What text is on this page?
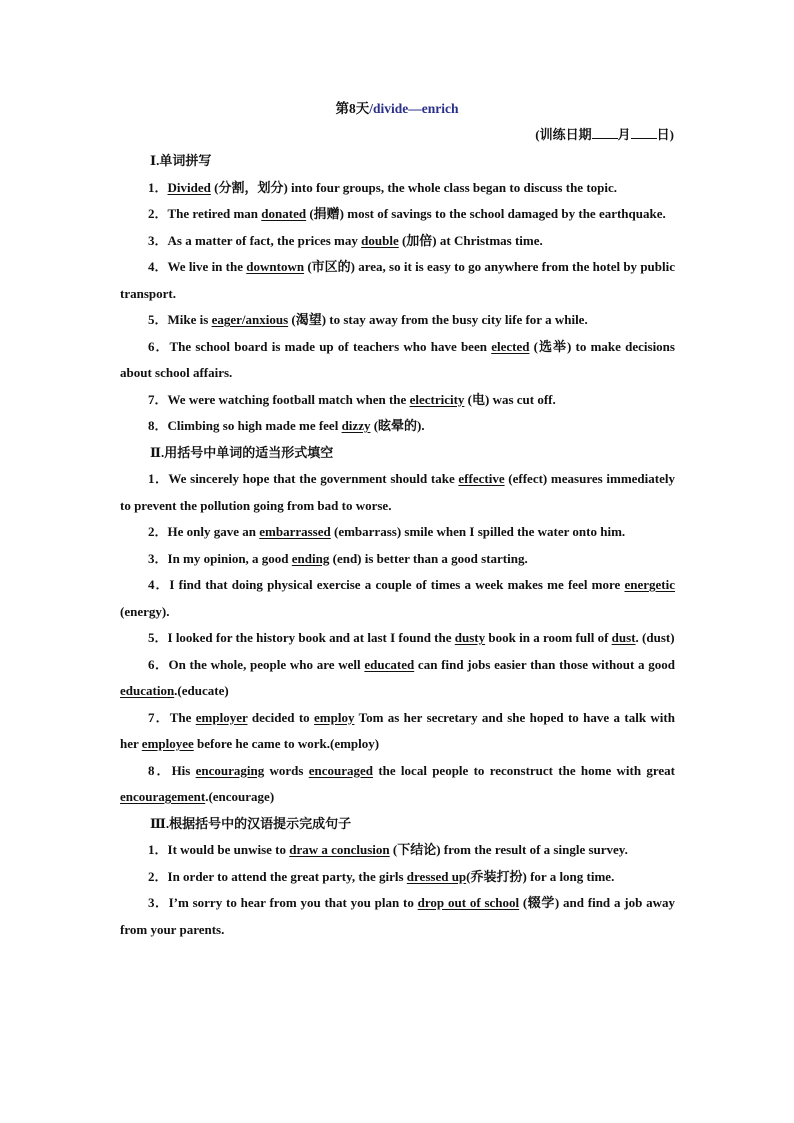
第8天/divide—enrich
(训练日期 月 日)
Ⅰ.单词拼写
1．Divided (分割，划分) into four groups, the whole class began to discuss the topic.
2．The retired man donated (捐赠) most of savings to the school damaged by the earthquake.
3．As a matter of fact, the prices may double (加倍) at Christmas time.
4．We live in the downtown (市区的) area, so it is easy to go anywhere from the hotel by public transport.
5．Mike is eager/anxious (渴望) to stay away from the busy city life for a while.
6．The school board is made up of teachers who have been elected (选举) to make decisions about school affairs.
7．We were watching football match when the electricity (电) was cut off.
8．Climbing so high made me feel dizzy (眩晕的).
Ⅱ.用括号中单词的适当形式填空
1．We sincerely hope that the government should take effective (effect) measures immediately to prevent the pollution going from bad to worse.
2．He only gave an embarrassed (embarrass) smile when I spilled the water onto him.
3．In my opinion, a good ending (end) is better than a good starting.
4．I find that doing physical exercise a couple of times a week makes me feel more energetic (energy).
5．I looked for the history book and at last I found the dusty book in a room full of dust. (dust)
6．On the whole, people who are well educated can find jobs easier than those without a good education.(educate)
7．The employer decided to employ Tom as her secretary and she hoped to have a talk with her employee before he came to work.(employ)
8．His encouraging words encouraged the local people to reconstruct the home with great encouragement.(encourage)
Ⅲ.根据括号中的汉语提示完成句子
1．It would be unwise to draw a conclusion (下结论) from the result of a single survey.
2．In order to attend the great party, the girls dressed up(乔装打扮) for a long time.
3．I’m sorry to hear from you that you plan to drop out of school (辍学) and find a job away from your parents.
